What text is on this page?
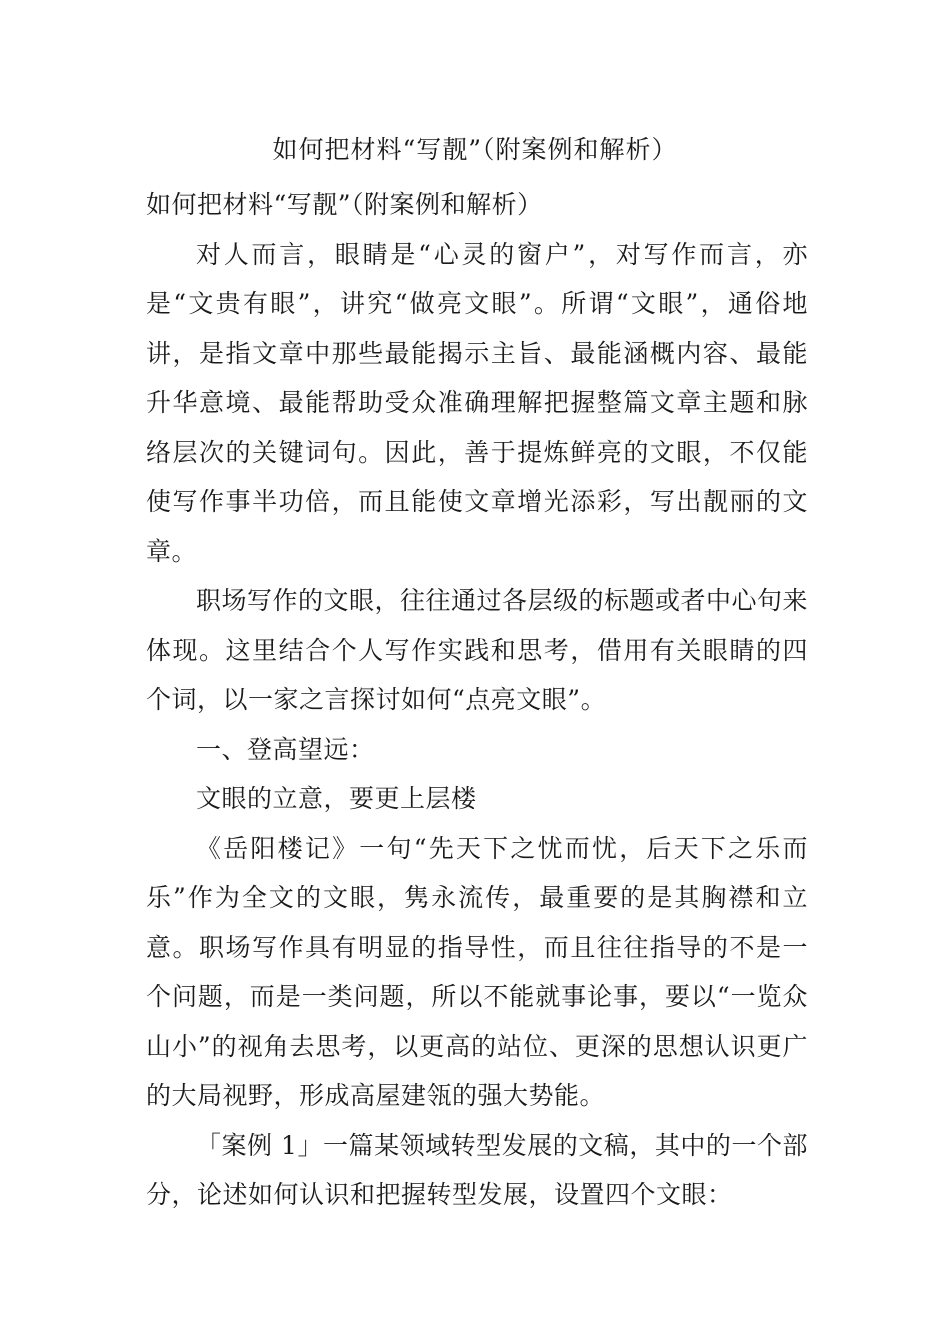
如何把材料“写靓”（附案例和解析）

如何把材料“写靓”（附案例和解析）

对人而言，眼睛是“心灵的窗户”，对写作而言，亦是“文贵有眼”，讲究“做亮文眼”。所谓“文眼”，通俗地讲，是指文章中那些最能揭示主旨、最能涵概内容、最能升华意境、最能帮助受众准确理解把握整篇文章主题和脉络层次的关键词句。因此，善于提炼鲜亮的文眼，不仅能使写作事半功倍，而且能使文章增光添彩，写出靓丽的文章。

职场写作的文眼，往往通过各层级的标题或者中心句来体现。这里结合个人写作实践和思考，借用有关眼睛的四个词，以一家之言探讨如何“点亮文眼”。

一、登高望远：

文眼的立意，要更上层楼

《岳阳楼记》一句“先天下之忧而忧，后天下之乐而乐”作为全文的文眼，隽永流传，最重要的是其胸襟和立意。职场写作具有明显的指导性，而且往往指导的不是一个问题，而是一类问题，所以不能就事论事，要以“一览众山小”的视角去思考，以更高的站位、更深的思想认识更广的大局视野，形成高屋建瓴的强大势能。

「案例 1」一篇某领域转型发展的文稿，其中的一个部分，论述如何认识和把握转型发展，设置四个文眼：
